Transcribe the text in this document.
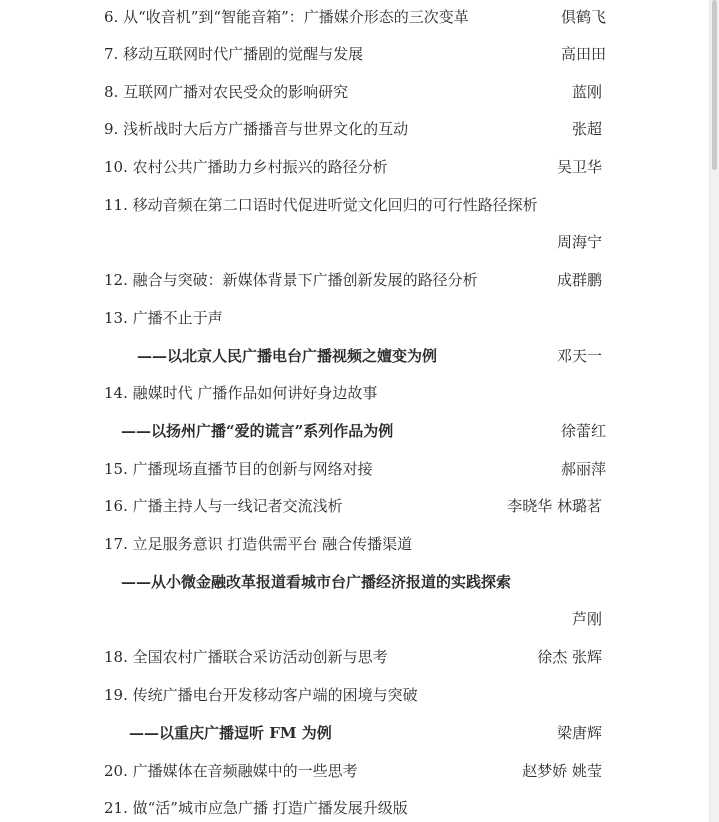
6. 从“收音机”到“智能音箱”：广播媒介形态的三次变革	俱鹤飞
7. 移动互联网时代广播剧的觉醒与发展	高田田
8. 互联网广播对农民受众的影响研究	蓝刚
9. 浅析战时大后方广播播音与世界文化的互动	张超
10. 农村公共广播助力乡村振兴的路径分析	吴卫华
11. 移动音频在第二口语时代促进听觉文化回归的可行性路径探析
周海宁
12. 融合与突破：新媒体背景下广播创新发展的路径分析	成群鹏
13. 广播不止于声
——以北京人民广播电台广播视频之嬗变为例	邓天一
14. 融媒时代 广播作品如何讲好身边故事
——以扬州广播“爱的谎言”系列作品为例	徐蕾红
15. 广播现场直播节目的创新与网络对接	郝丽萍
16. 广播主持人与一线记者交流浅析	李晓华 林璐茗
17. 立足服务意识 打造供需平台 融合传播渠道
——从小微金融改革报道看城市台广播经济报道的实践探索
芦刚
18. 全国农村广播联合采访活动创新与思考	徐杰 张辉
19. 传统广播电台开发移动客户端的困境与突破
——以重庆广播逗听 FM 为例	梁唐辉
20. 广播媒体在音频融媒中的一些思考	赵梦娇 姚莹
21. 做“活”城市应急广播 打造广播发展升级版
